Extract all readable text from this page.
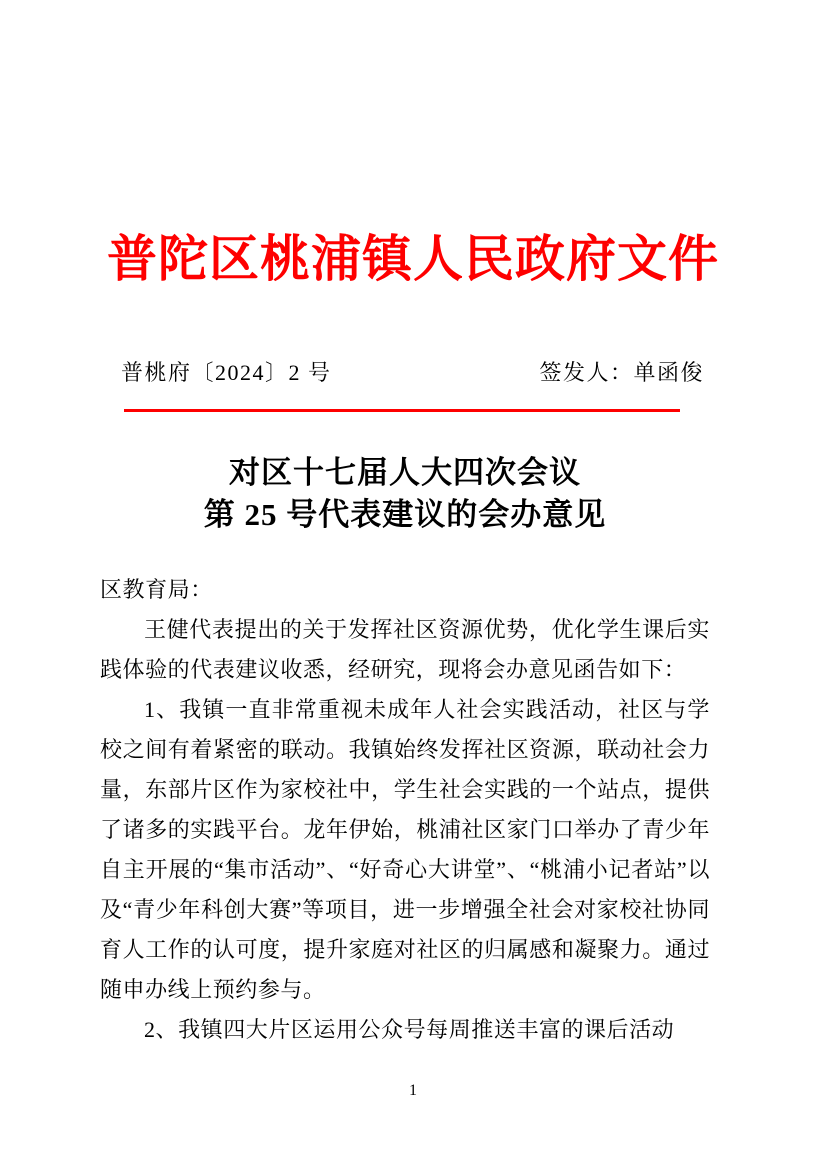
普陀区桃浦镇人民政府文件
普桃府〔2024〕2 号	签发人：单函俊
对区十七届人大四次会议
第 25 号代表建议的会办意见

区教育局：

王健代表提出的关于发挥社区资源优势，优化学生课后实践体验的代表建议收悉，经研究，现将会办意见函告如下：

1、我镇一直非常重视未成年人社会实践活动，社区与学校之间有着紧密的联动。我镇始终发挥社区资源，联动社会力量，东部片区作为家校社中，学生社会实践的一个站点，提供了诸多的实践平台。龙年伊始，桃浦社区家门口举办了青少年自主开展的“集市活动”、“好奇心大讲堂”、“桃浦小记者站”以及“青少年科创大赛”等项目，进一步增强全社会对家校社协同育人工作的认可度，提升家庭对社区的归属感和凝聚力。通过随申办线上预约参与。

2、我镇四大片区运用公众号每周推送丰富的课后活动

1
